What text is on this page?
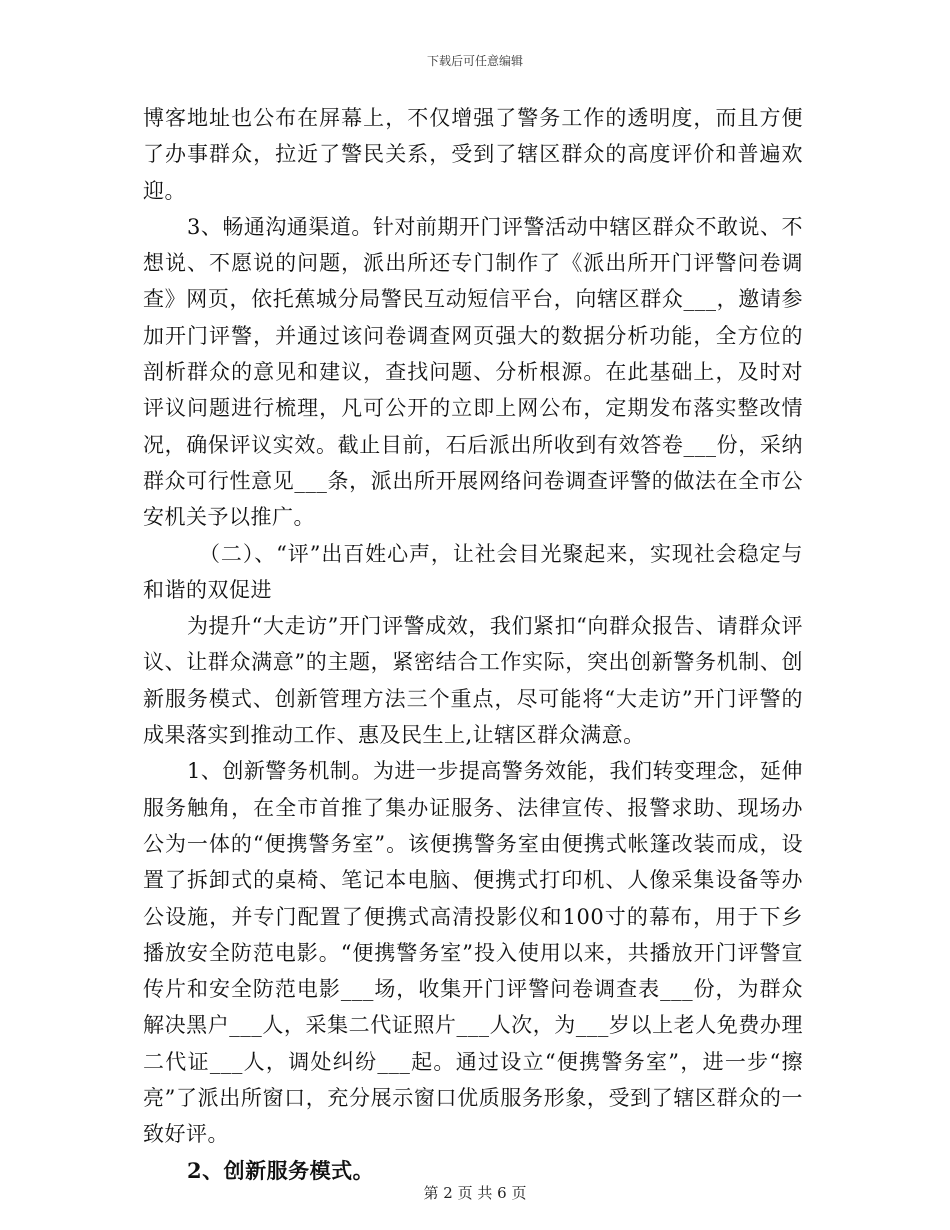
下载后可任意编辑

博客地址也公布在屏幕上，不仅增强了警务工作的透明度，而且方便了办事群众，拉近了警民关系，受到了辖区群众的高度评价和普遍欢迎。

3、畅通沟通渠道。针对前期开门评警活动中辖区群众不敢说、不想说、不愿说的问题，派出所还专门制作了《派出所开门评警问卷调查》网页，依托蕉城分局警民互动短信平台，向辖区群众___，邀请参加开门评警，并通过该问卷调查网页强大的数据分析功能，全方位的剖析群众的意见和建议，查找问题、分析根源。在此基础上，及时对评议问题进行梳理，凡可公开的立即上网公布，定期发布落实整改情况，确保评议实效。截止目前，石后派出所收到有效答卷___份，采纳群众可行性意见___条，派出所开展网络问卷调查评警的做法在全市公安机关予以推广。

（二）、“评”出百姓心声，让社会目光聚起来，实现社会稳定与和谐的双促进

为提升“大走访”开门评警成效，我们紧扣“向群众报告、请群众评议、让群众满意”的主题，紧密结合工作实际，突出创新警务机制、创新服务模式、创新管理方法三个重点，尽可能将“大走访”开门评警的成果落实到推动工作、惠及民生上,让辖区群众满意。

1、创新警务机制。为进一步提高警务效能，我们转变理念，延伸服务触角，在全市首推了集办证服务、法律宣传、报警求助、现场办公为一体的“便携警务室”。该便携警务室由便携式帐篷改装而成，设置了拆卸式的桌椅、笔记本电脑、便携式打印机、人像采集设备等办公设施，并专门配置了便携式高清投影仪和100寸的幕布，用于下乡播放安全防范电影。“便携警务室”投入使用以来，共播放开门评警宣传片和安全防范电影___场，收集开门评警问卷调查表___份，为群众解决黑户___人，采集二代证照片___人次，为___岁以上老人免费办理二代证___人，调处纠纷___起。通过设立“便携警务室”，进一步“擦亮”了派出所窗口，充分展示窗口优质服务形象，受到了辖区群众的一致好评。

2、创新服务模式。

第 2 页 共 6 页
